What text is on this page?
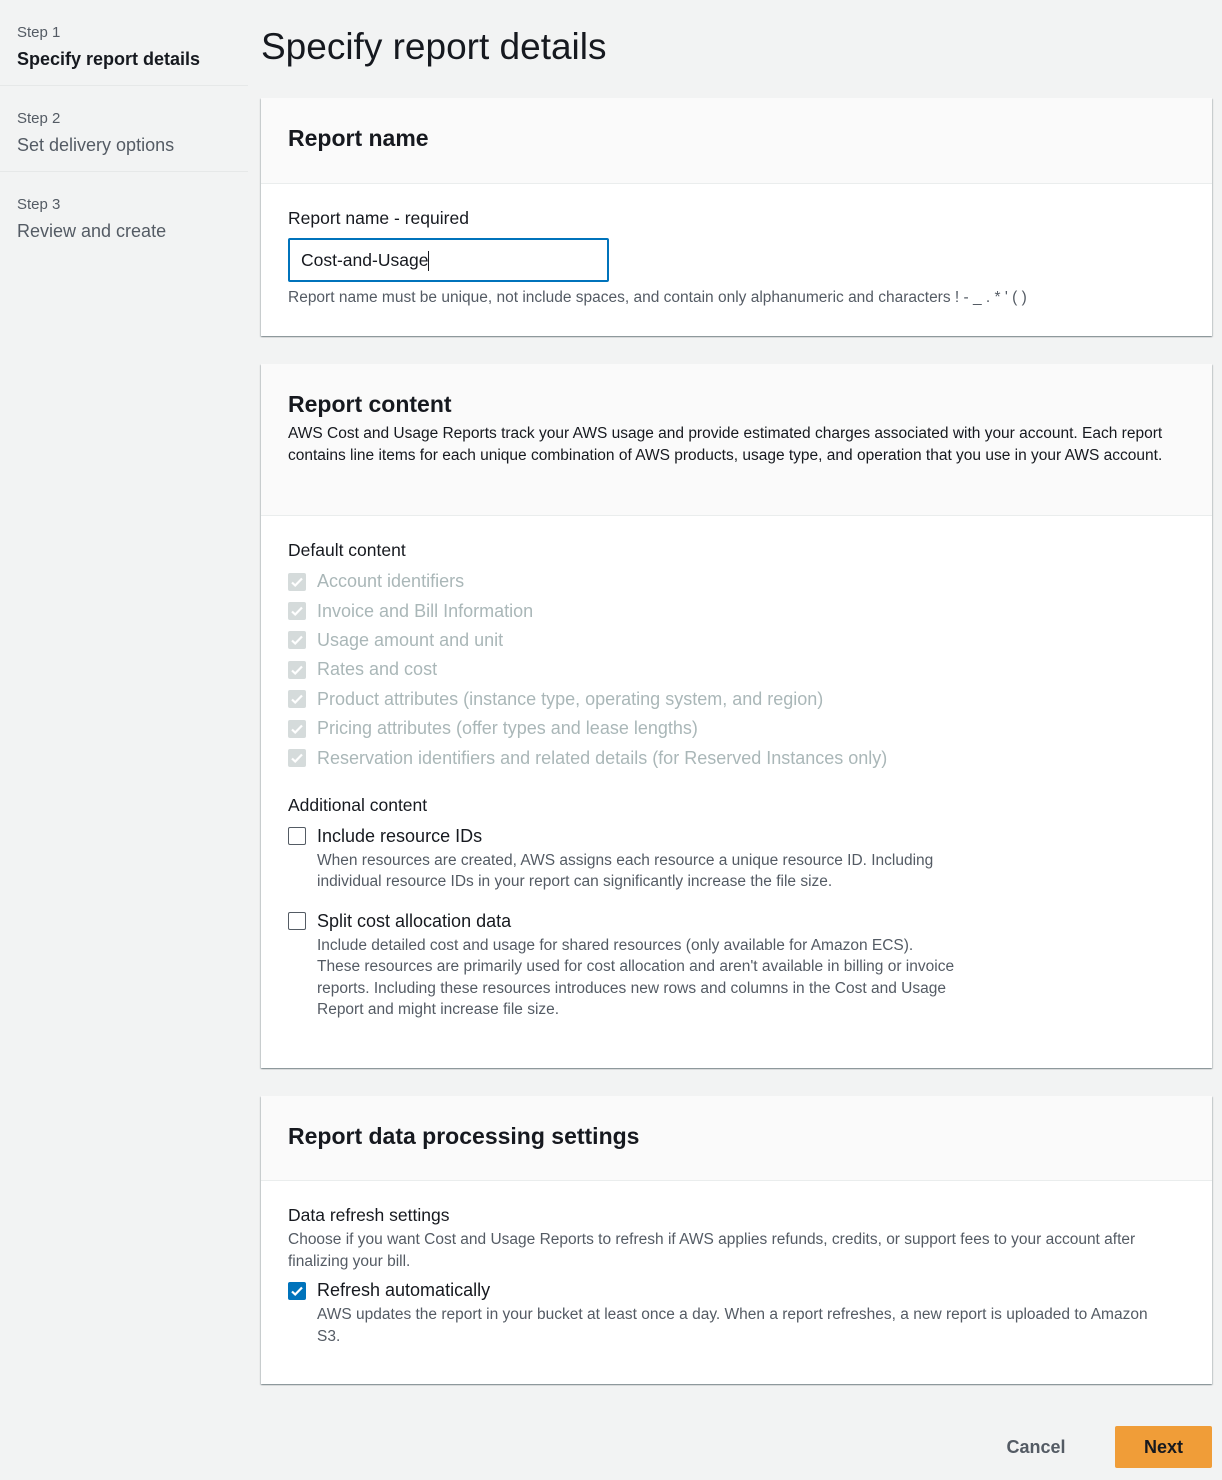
Step 1
Specify report details
Step 2
Set delivery options
Step 3
Review and create
Specify report details
Report name
Report name - required
Cost-and-Usage
Report name must be unique, not include spaces, and contain only alphanumeric and characters ! - _ . * ' ( )
Report content
AWS Cost and Usage Reports track your AWS usage and provide estimated charges associated with your account. Each report contains line items for each unique combination of AWS products, usage type, and operation that you use in your AWS account.
Default content
Account identifiers
Invoice and Bill Information
Usage amount and unit
Rates and cost
Product attributes (instance type, operating system, and region)
Pricing attributes (offer types and lease lengths)
Reservation identifiers and related details (for Reserved Instances only)
Additional content
Include resource IDs
When resources are created, AWS assigns each resource a unique resource ID. Including individual resource IDs in your report can significantly increase the file size.
Split cost allocation data
Include detailed cost and usage for shared resources (only available for Amazon ECS). These resources are primarily used for cost allocation and aren't available in billing or invoice reports. Including these resources introduces new rows and columns in the Cost and Usage Report and might increase file size.
Report data processing settings
Data refresh settings
Choose if you want Cost and Usage Reports to refresh if AWS applies refunds, credits, or support fees to your account after finalizing your bill.
Refresh automatically
AWS updates the report in your bucket at least once a day. When a report refreshes, a new report is uploaded to Amazon S3.
Cancel	Next
